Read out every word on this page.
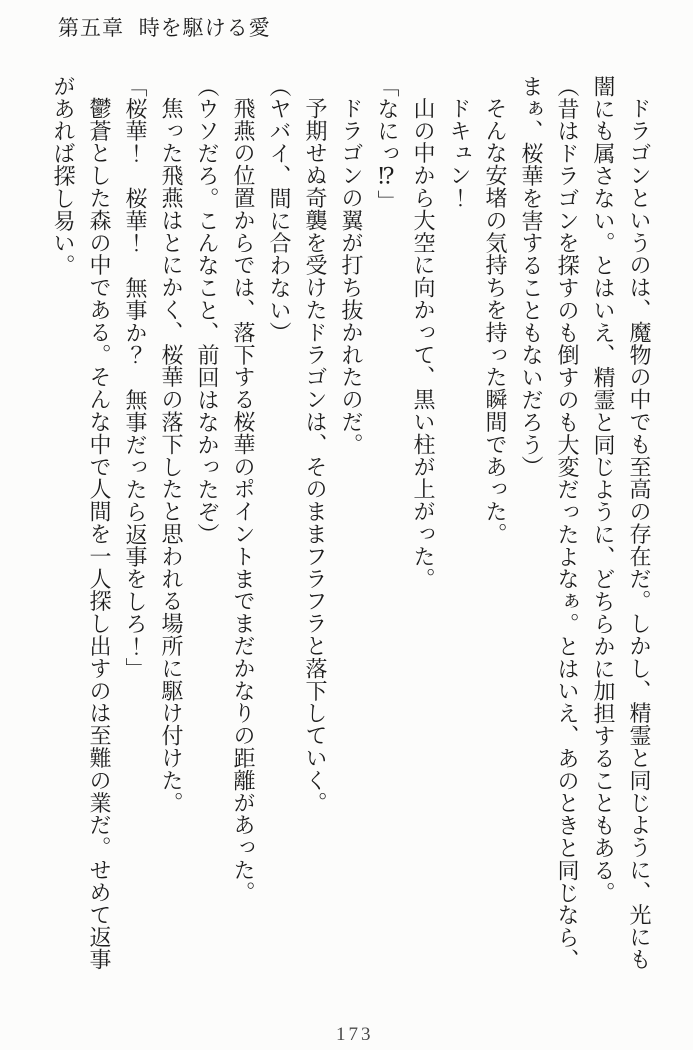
第五章 時を駆ける愛
ドラゴンというのは、魔物の中でも至高の存在だ。しかし、精霊と同じように、光にも
闇にも属さない。とはいえ、精霊と同じように、どちらかに加担することもある。
（昔はドラゴンを探すのも倒すのも大変だったよなぁ。とはいえ、あのときと同じなら、
まぁ、桜華を害することもないだろう）
そんな安堵の気持ちを持った瞬間であった。
ドキュン！
山の中から大空に向かって、黒い柱が上がった。
「なにっ⁉」
ドラゴンの翼が打ち抜かれたのだ。
予期せぬ奇襲を受けたドラゴンは、そのままフラフラと落下していく。
（ヤバイ、間に合わない）
飛燕の位置からでは、落下する桜華のポイントまでまだかなりの距離があった。
（ウソだろ。こんなこと、前回はなかったぞ）
焦った飛燕はとにかく、桜華の落下したと思われる場所に駆け付けた。
「桜華！　桜華！　無事か？　無事だったら返事をしろ！」
鬱蒼とした森の中である。そんな中で人間を一人探し出すのは至難の業だ。せめて返事
があれば探し易い。
173
